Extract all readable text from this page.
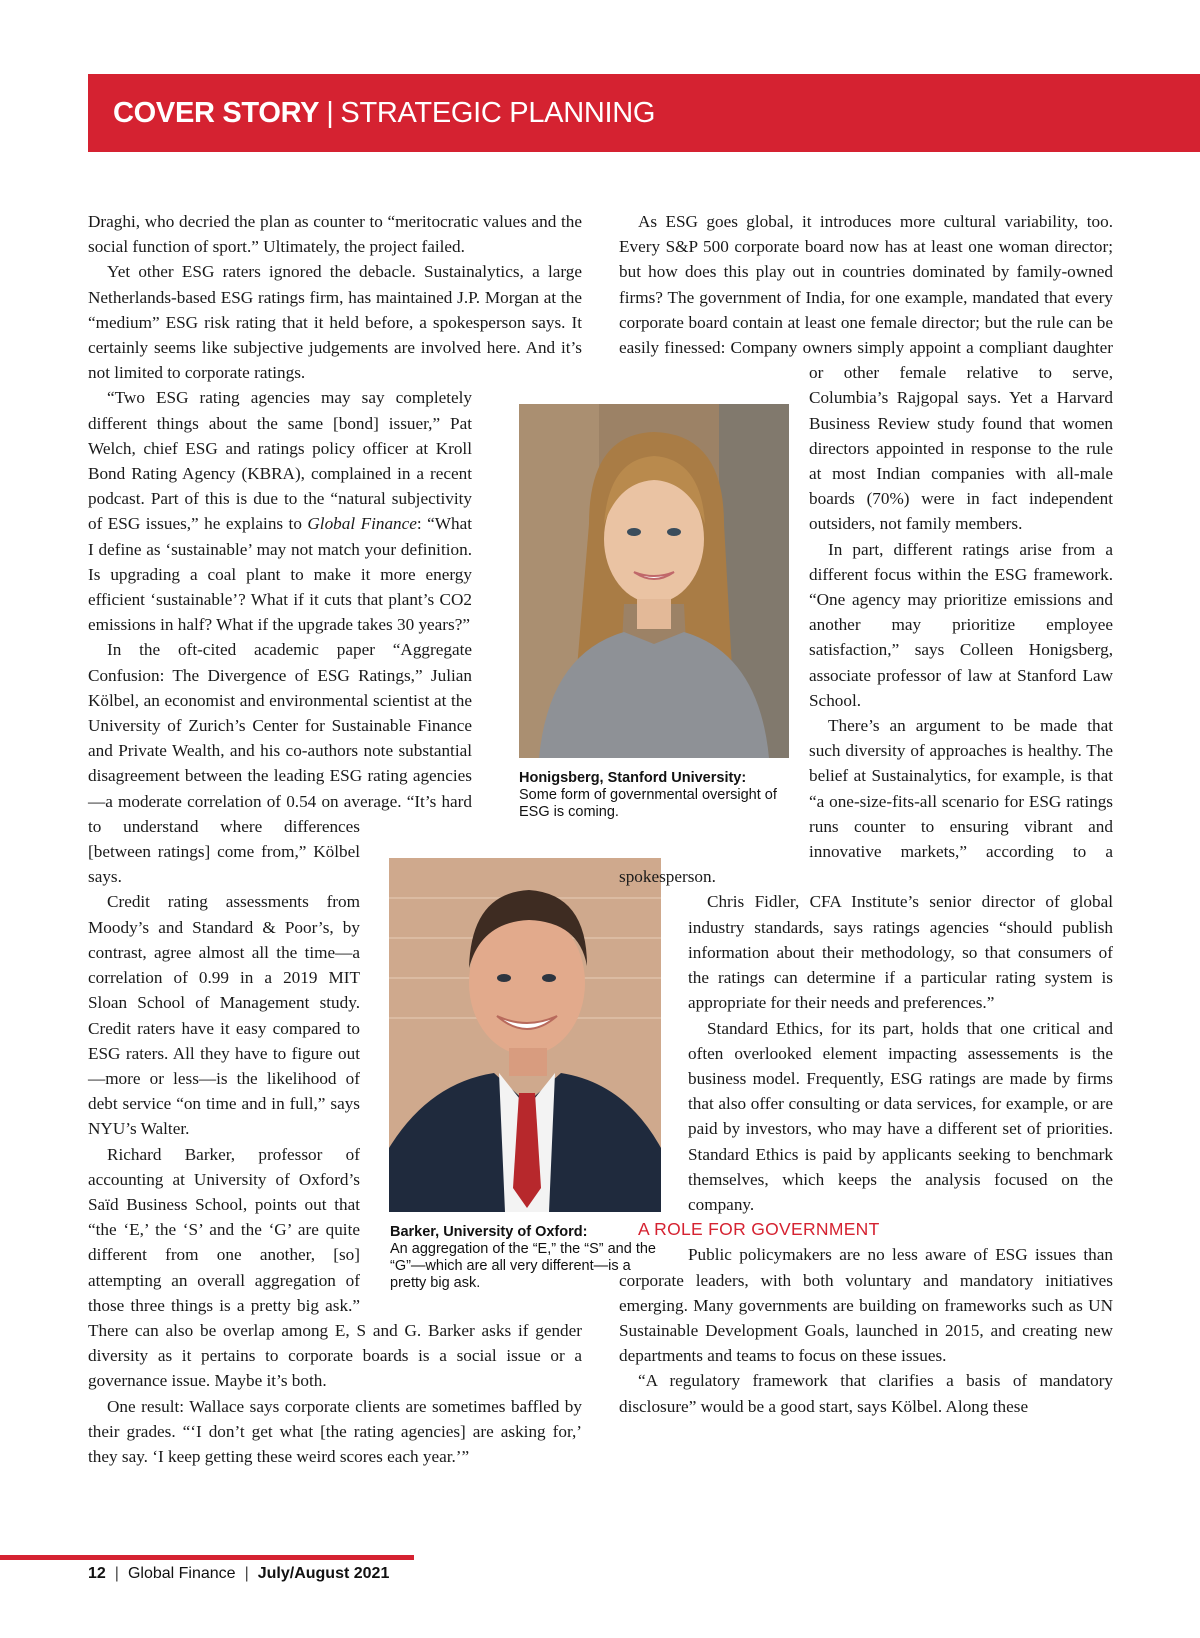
COVER STORY | STRATEGIC PLANNING
Honigsberg, Stanford University:
Some form of governmental oversight of ESG is coming.
Barker, University of Oxford:
An aggregation of the “E,” the “S” and the “G”—which are all very different—is a pretty big ask.

Draghi, who decried the plan as counter to “meritocratic values and the social function of sport.” Ultimately, the project failed.

Yet other ESG raters ignored the debacle. Sustainalytics, a large Netherlands-based ESG ratings firm, has maintained J.P. Morgan at the “medium” ESG risk rating that it held before, a spokesperson says. It certainly seems like subjective judgements are involved here. And it’s not limited to corporate ratings.

“Two ESG rating agencies may say completely different things about the same [bond] issuer,” Pat Welch, chief ESG and ratings policy officer at Kroll Bond Rating Agency (KBRA), complained in a recent podcast. Part of this is due to the “natural subjectivity of ESG issues,” he explains to Global Finance: “What I define as ‘sustainable’ may not match your definition. Is upgrading a coal plant to make it more energy efficient ‘sustainable’? What if it cuts that plant’s CO2 emissions in half? What if the upgrade takes 30 years?”

In the oft-cited academic paper “Aggregate Confusion: The Divergence of ESG Ratings,” Julian Kölbel, an economist and environmental scientist at the University of Zurich’s Center for Sustainable Finance and Private Wealth, and his co-authors note substantial disagreement between the leading ESG rating agencies—a moderate correlation of 0.54 on average. “It’s hard to understand where differences [between ratings] come from,” Kölbel says.

Credit rating assessments from Moody’s and Standard & Poor’s, by contrast, agree almost all the time—a correlation of 0.99 in a 2019 MIT Sloan School of Management study. Credit raters have it easy compared to ESG raters. All they have to figure out—more or less—is the likelihood of debt service “on time and in full,” says NYU’s Walter.

Richard Barker, professor of accounting at University of Oxford’s Saïd Business School, points out that “the ‘E,’ the ‘S’ and the ‘G’ are quite different from one another, [so] attempting an overall aggregation of those three things is a pretty big ask.” There can also be overlap among E, S and G. Barker asks if gender diversity as it pertains to corporate boards is a social issue or a governance issue. Maybe it’s both.

One result: Wallace says corporate clients are sometimes baffled by their grades. “‘I don’t get what [the rating agencies] are asking for,’ they say. ‘I keep getting these weird scores each year.’”

As ESG goes global, it introduces more cultural variability, too. Every S&P 500 corporate board now has at least one woman director; but how does this play out in countries dominated by family-owned firms? The government of India, for one example, mandated that every corporate board contain at least one female director; but the rule can be easily finessed: Company owners simply appoint a compliant daughter or other female relative to serve, Columbia’s Rajgopal says. Yet a Harvard Business Review study found that women directors appointed in response to the rule at most Indian companies with all-male boards (70%) were in fact independent outsiders, not family members.

In part, different ratings arise from a different focus within the ESG framework. “One agency may prioritize emissions and another may prioritize employee satisfaction,” says Colleen Honigsberg, associate professor of law at Stanford Law School.

There’s an argument to be made that such diversity of approaches is healthy. The belief at Sustainalytics, for example, is that “a one-size-fits-all scenario for ESG ratings runs counter to ensuring vibrant and innovative markets,” according to a spokesperson.

Chris Fidler, CFA Institute’s senior director of global industry standards, says ratings agencies “should publish information about their methodology, so that consumers of the ratings can determine if a particular rating system is appropriate for their needs and preferences.”

Standard Ethics, for its part, holds that one critical and often overlooked element impacting assessements is the business model. Frequently, ESG ratings are made by firms that also offer consulting or data services, for example, or are paid by investors, who may have a different set of priorities. Standard Ethics is paid by applicants seeking to benchmark themselves, which keeps the analysis focused on the company.

A ROLE FOR GOVERNMENT

Public policymakers are no less aware of ESG issues than corporate leaders, with both voluntary and mandatory initiatives emerging. Many governments are building on frameworks such as UN Sustainable Development Goals, launched in 2015, and creating new departments and teams to focus on these issues.

“A regulatory framework that clarifies a basis of mandatory disclosure” would be a good start, says Kölbel. Along these

12 | Global Finance | July/August 2021
